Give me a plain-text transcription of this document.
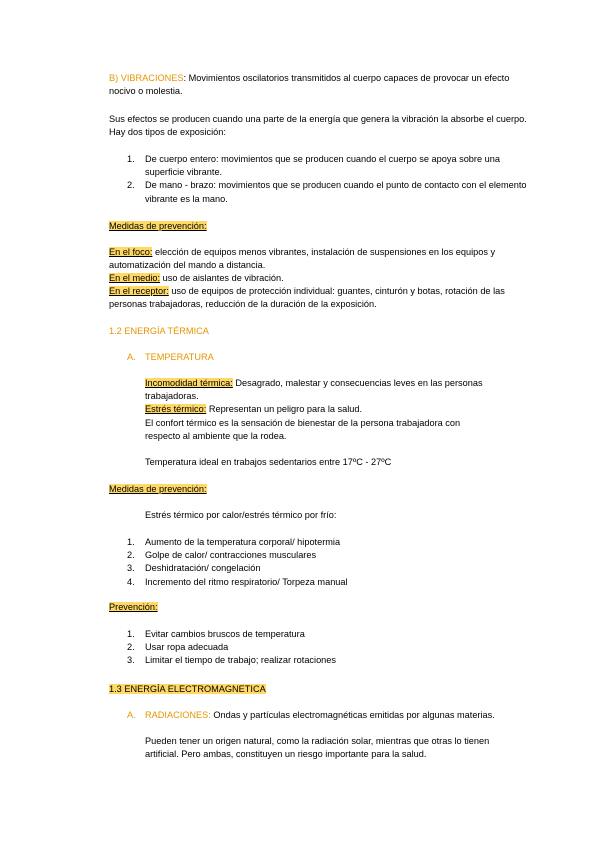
B) VIBRACIONES: Movimientos oscilatorios transmitidos al cuerpo capaces de provocar un efecto nocivo o molestia.

Sus efectos se producen cuando una parte de la energía que genera la vibración la absorbe el cuerpo. Hay dos tipos de exposición:

1. De cuerpo entero: movimientos que se producen cuando el cuerpo se apoya sobre una superficie vibrante.
2. De mano - brazo: movimientos que se producen cuando el punto de contacto con el elemento vibrante es la mano.

Medidas de prevención:

En el foco: elección de equipos menos vibrantes, instalación de suspensiones en los equipos y automatización del mando a distancia.

En el medio: uso de aislantes de vibración.

En el receptor: uso de equipos de protección individual: guantes, cinturón y botas, rotación de las personas trabajadoras, reducción de la duración de la exposición.

1.2 ENERGÍA TÉRMICA

A. TEMPERATURA

Incomodidad térmica: Desagrado, malestar y consecuencias leves en las personas trabajadoras.

Estrés térmico: Representan un peligro para la salud.

El confort térmico es la sensación de bienestar de la persona trabajadora con respecto al ambiente que la rodea.

Temperatura ideal en trabajos sedentarios entre 17ºC - 27ºC

Medidas de prevención:

Estrés térmico por calor/estrés térmico por frío:

1. Aumento de la temperatura corporal/ hipotermia
2. Golpe de calor/ contracciones musculares
3. Deshidratación/ congelación
4. Incremento del ritmo respiratorio/ Torpeza manual

Prevención:

1. Evitar cambios bruscos de temperatura
2. Usar ropa adecuada
3. Limitar el tiempo de trabajo; realizar rotaciones

1.3 ENERGÍA ELECTROMAGNETICA

A. RADIACIONES: Ondas y partículas electromagnéticas emitidas por algunas materias.

Pueden tener un origen natural, como la radiación solar, mientras que otras lo tienen artificial. Pero ambas, constituyen un riesgo importante para la salud.
